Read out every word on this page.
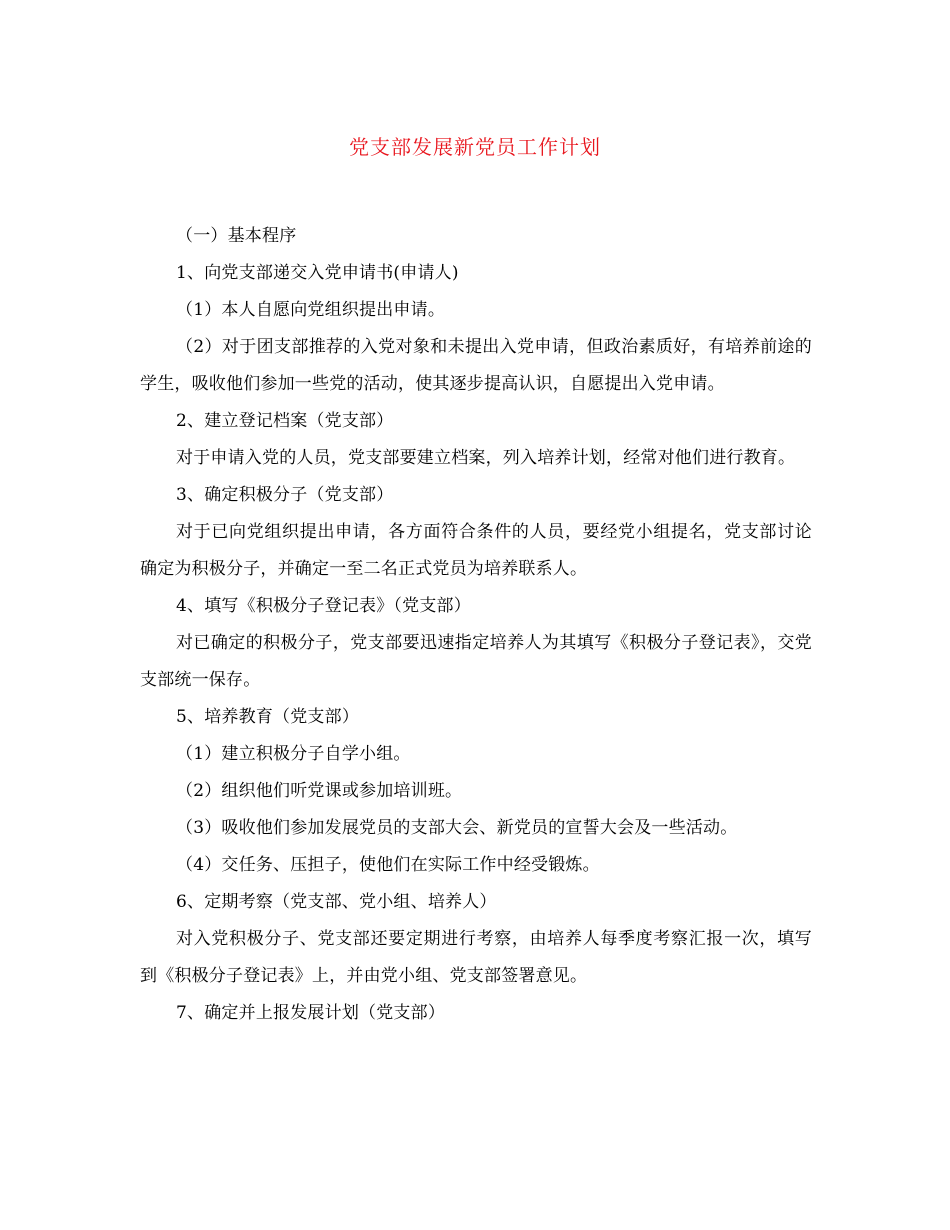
党支部发展新党员工作计划

（一）基本程序

1、向党支部递交入党申请书(申请人)

（1）本人自愿向党组织提出申请。

（2）对于团支部推荐的入党对象和未提出入党申请，但政治素质好，有培养前途的学生，吸收他们参加一些党的活动，使其逐步提高认识，自愿提出入党申请。

2、建立登记档案（党支部）

对于申请入党的人员，党支部要建立档案，列入培养计划，经常对他们进行教育。

3、确定积极分子（党支部）

对于已向党组织提出申请，各方面符合条件的人员，要经党小组提名，党支部讨论确定为积极分子，并确定一至二名正式党员为培养联系人。

4、填写《积极分子登记表》（党支部）

对已确定的积极分子，党支部要迅速指定培养人为其填写《积极分子登记表》，交党支部统一保存。

5、培养教育（党支部）

（1）建立积极分子自学小组。

（2）组织他们听党课或参加培训班。

（3）吸收他们参加发展党员的支部大会、新党员的宣誓大会及一些活动。

（4）交任务、压担子，使他们在实际工作中经受锻炼。

6、定期考察（党支部、党小组、培养人）

对入党积极分子、党支部还要定期进行考察，由培养人每季度考察汇报一次，填写到《积极分子登记表》上，并由党小组、党支部签署意见。

7、确定并上报发展计划（党支部）
